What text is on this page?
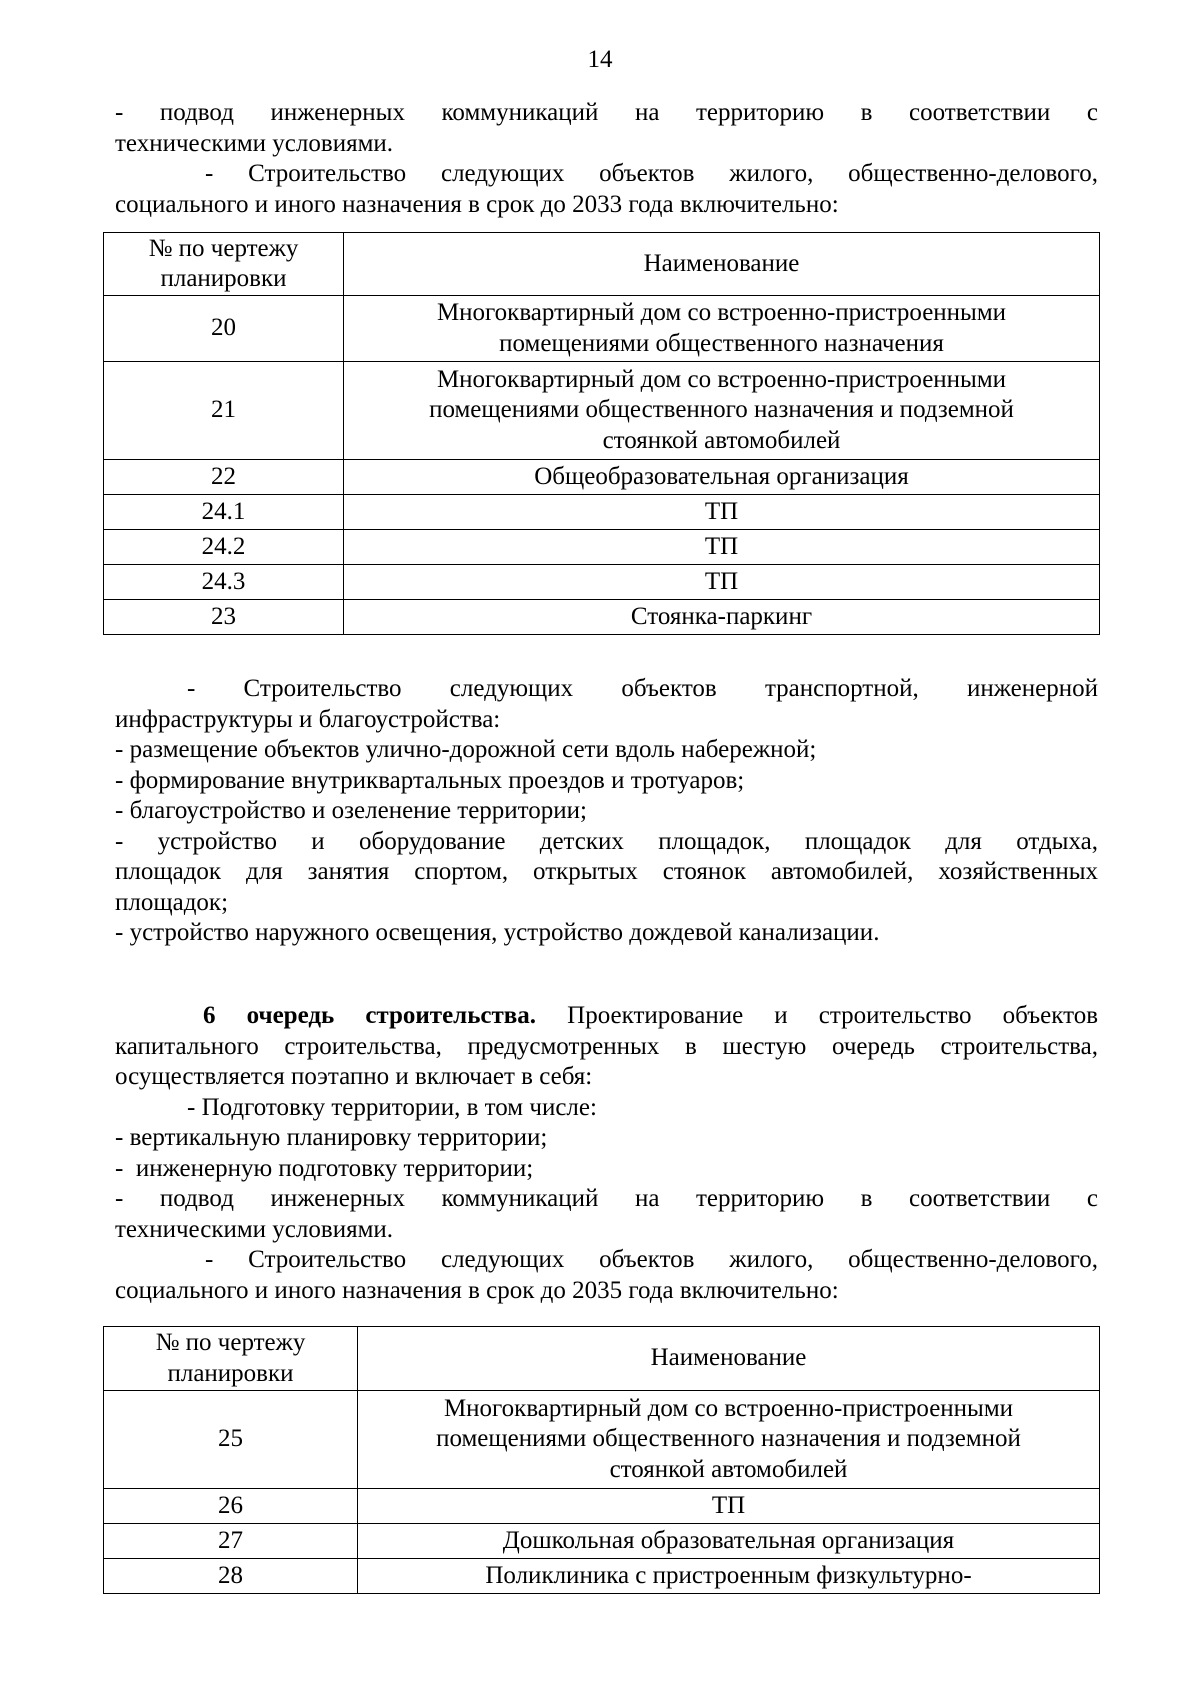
14
- подвод инженерных коммуникаций на территорию в соответствии с
техническими условиями.
- Строительство следующих объектов жилого, общественно-делового,
социального и иного назначения в срок до 2033 года включительно:
№ по чертежу планировки	Наименование
20	Многоквартирный дом со встроенно-пристроенными помещениями общественного назначения
21	Многоквартирный дом со встроенно-пристроенными помещениями общественного назначения и подземной стоянкой автомобилей
22	Общеобразовательная организация
24.1	ТП
24.2	ТП
24.3	ТП
23	Стоянка-паркинг
- Строительство следующих объектов транспортной, инженерной
инфраструктуры и благоустройства:
- размещение объектов улично-дорожной сети вдоль набережной;
- формирование внутриквартальных проездов и тротуаров;
- благоустройство и озеленение территории;
- устройство и оборудование детских площадок, площадок для отдыха,
площадок для занятия спортом, открытых стоянок автомобилей, хозяйственных
площадок;
- устройство наружного освещения, устройство дождевой канализации.
6 очередь строительства. Проектирование и строительство объектов
капитального строительства, предусмотренных в шестую очередь строительства,
осуществляется поэтапно и включает в себя:
- Подготовку территории, в том числе:
- вертикальную планировку территории;
-  инженерную подготовку территории;
- подвод инженерных коммуникаций на территорию в соответствии с
техническими условиями.
- Строительство следующих объектов жилого, общественно-делового,
социального и иного назначения в срок до 2035 года включительно:
№ по чертежу планировки	Наименование
25	Многоквартирный дом со встроенно-пристроенными помещениями общественного назначения и подземной стоянкой автомобилей
26	ТП
27	Дошкольная образовательная организация
28	Поликлиника с пристроенным физкультурно-
